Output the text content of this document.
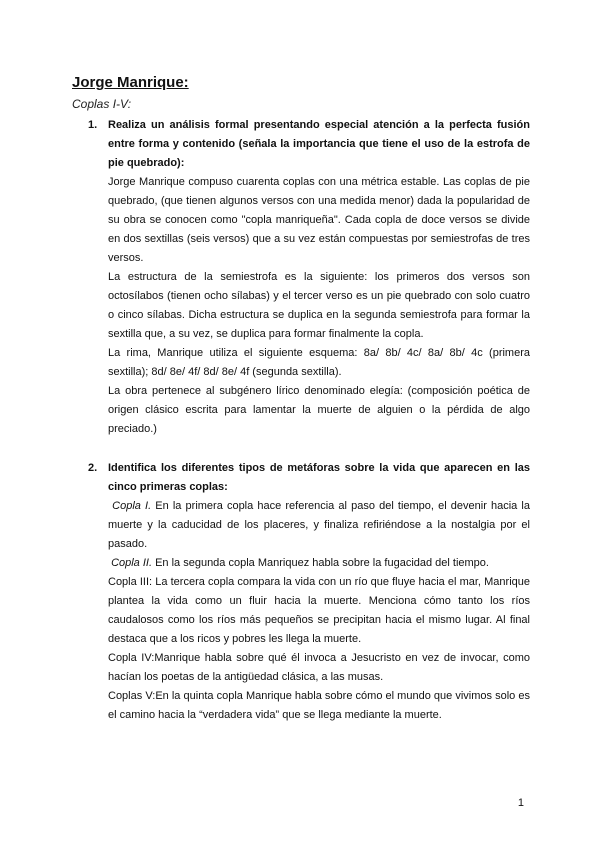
Jorge Manrique:
Coplas I-V:
1. Realiza un análisis formal presentando especial atención a la perfecta fusión entre forma y contenido (señala la importancia que tiene el uso de la estrofa de pie quebrado):
Jorge Manrique compuso cuarenta coplas con una métrica estable. Las coplas de pie quebrado, (que tienen algunos versos con una medida menor) dada la popularidad de su obra se conocen como "copla manriqueña". Cada copla de doce versos se divide en dos sextillas (seis versos) que a su vez están compuestas por semiestrofas de tres versos.
La estructura de la semiestrofa es la siguiente: los primeros dos versos son octosílabos (tienen ocho sílabas) y el tercer verso es un pie quebrado con solo cuatro o cinco sílabas. Dicha estructura se duplica en la segunda semiestrofa para formar la sextilla que, a su vez, se duplica para formar finalmente la copla.
La rima, Manrique utiliza el siguiente esquema: 8a/ 8b/ 4c/ 8a/ 8b/ 4c (primera sextilla); 8d/ 8e/ 4f/ 8d/ 8e/ 4f (segunda sextilla).
La obra pertenece al subgénero lírico denominado elegía: (composición poética de origen clásico escrita para lamentar la muerte de alguien o la pérdida de algo preciado.)
2. Identifica los diferentes tipos de metáforas sobre la vida que aparecen en las cinco primeras coplas:
Copla I. En la primera copla hace referencia al paso del tiempo, el devenir hacia la muerte y la caducidad de los placeres, y finaliza refiriéndose a la nostalgia por el pasado.
Copla II. En la segunda copla Manriquez habla sobre la fugacidad del tiempo.
Copla III: La tercera copla compara la vida con un río que fluye hacia el mar, Manrique plantea la vida como un fluir hacia la muerte. Menciona cómo tanto los ríos caudalosos como los ríos más pequeños se precipitan hacia el mismo lugar. Al final destaca que a los ricos y pobres les llega la muerte.
Copla IV:Manrique habla sobre qué él invoca a Jesucristo en vez de invocar, como hacían los poetas de la antigüedad clásica, a las musas.
Coplas V:En la quinta copla Manrique habla sobre cómo el mundo que vivimos solo es el camino hacia la “verdadera vida” que se llega mediante la muerte.
1
